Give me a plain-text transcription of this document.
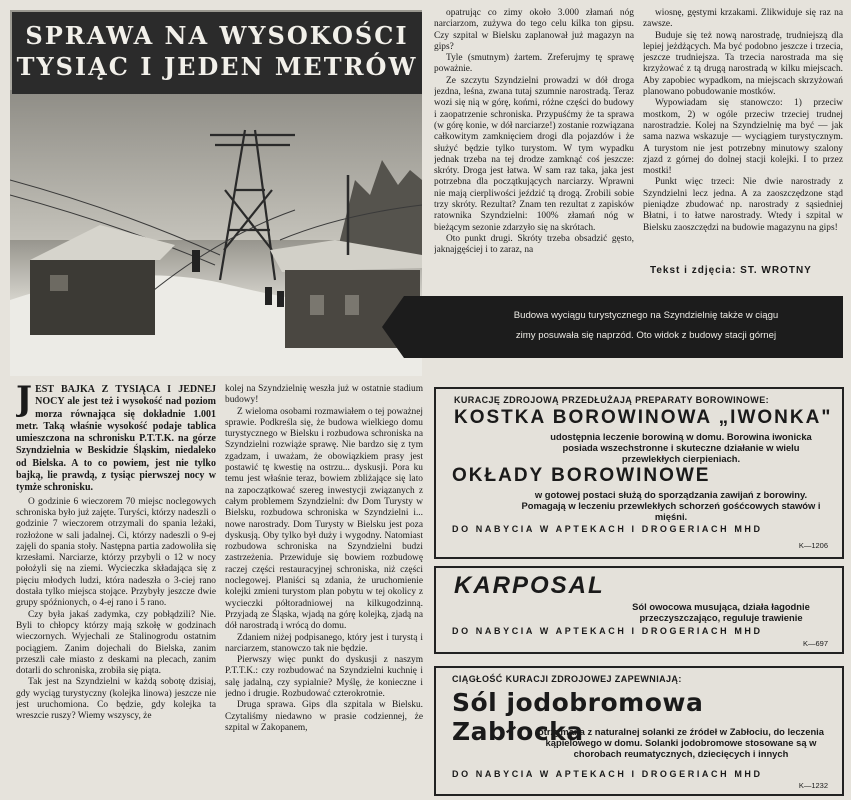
SPRAWA NA WYSOKOŚCI
TYSIĄC I JEDEN METRÓW
Budowa wyciągu turystycznego na Szyndzielnię także w ciągu
zimy posuwała się naprzód. Oto widok z budowy stacji górnej

opatrując co zimy około 3.000 złamań nóg narciarzom, zużywa do tego celu kilka ton gipsu. Czy szpital w Bielsku zaplanował już magazyn na gips?

Tyle (smutnym) żartem. Zreferujmy tę sprawę poważnie.

Ze szczytu Szyndzielni prowadzi w dół droga jezdna, leśna, zwana tutaj szumnie narostradą. Teraz wozi się nią w górę, końmi, różne części do budowy i zaopatrzenie schroniska. Przypuśćmy że ta sprawa (w górę konie, w dół narciarze!) zostanie rozwiązana całkowitym zamknięciem drogi dla pojazdów i że służyć będzie tylko turystom. W tym wypadku jednak trzeba na tej drodze zamknąć coś jeszcze: skróty. Droga jest łatwa. W sam raz taka, jaka jest potrzebna dla początkujących narciarzy. Wprawni nie mają cierpliwości jeździć tą drogą. Zrobili sobie trzy skróty. Rezultat? Znam ten rezultat z zapisków ratownika Szyndzielni: 100% złamań nóg w bieżącym sezonie zdarzyło się na skrótach.

Oto punkt drugi. Skróty trzeba obsadzić gęsto, jaknajgęściej i to zaraz, na

wiosnę, gęstymi krzakami. Zlikwiduje się raz na zawsze.

Buduje się też nową narostradę, trudniejszą dla lepiej jeżdżących. Ma być podobno jeszcze i trzecia, jeszcze trudniejsza. Ta trzecia narostrada ma się krzyżować z tą drugą narostradą w kilku miejscach. Aby zapobiec wypadkom, na miejscach skrzyżowań planowano pobudowanie mostków.

Wypowiadam się stanowczo: 1) przeciw mostkom, 2) w ogóle przeciw trzeciej trudnej narostradzie. Kolej na Szyndzielnię ma być — jak sama nazwa wskazuje — wyciągiem turystycznym. A turystom nie jest potrzebny minutowy szalony zjazd z górnej do dolnej stacji kolejki. I to przez mostki!

Punkt więc trzeci: Nie dwie narostrady z Szyndzielni lecz jedna. A za zaoszczędzone stąd pieniądze zbudować np. narostrady z sąsiedniej Błatni, i to łatwe narostrady. Wtedy i szpital w Bielsku zaoszczędzi na budowie magazynu na gips!

Tekst i zdjęcia: ST. WROTNY
J EST BAJKA Z TYSIĄCA I JEDNEJ NOCY ale jest też i wysokość nad poziom morza równająca się dokładnie 1.001 metr. Taką właśnie wysokość podaje tablica umieszczona na schronisku P.T.T.K. na górze Szyndzielnia w Beskidzie Śląskim, niedaleko od Bielska. A to co powiem, jest nie tylko bajką, lie prawdą, z tysiąc pierwszej nocy w tymże schronisku.

O godzinie 6 wieczorem 70 miejsc noclegowych schroniska było już zajęte. Turyści, którzy nadeszli o godzinie 7 wieczorem otrzymali do spania leżaki, rozłożone w sali jadalnej. Ci, którzy nadeszli o 9-ej zajęli do spania stoły. Następna partia zadowoliła się krzesłami. Narciarze, którzy przybyli o 12 w nocy położyli się na ziemi. Wycieczka składająca się z pięciu młodych ludzi, która nadeszła o 3-ciej rano dostała tylko miejsca stojące. Przybyły jeszcze dwie grupy spóźnionych, o 4-ej rano i 5 rano.

Czy była jakaś zadymka, czy pobłądzili? Nie. Byli to chłopcy którzy mają szkołę w godzinach wieczornych. Wyjechali ze Stalinogrodu ostatnim pociągiem. Zanim dojechali do Bielska, zanim przeszli całe miasto z deskami na plecach, zanim dotarli do schroniska, zrobiła się piąta.

Tak jest na Szyndzielni w każdą sobotę dzisiaj, gdy wyciąg turystyczny (kolejka linowa) jeszcze nie jest uruchomiona. Co będzie, gdy kolejka ta wreszcie ruszy? Wiemy wszyscy, że

kolej na Szyndzielnię weszła już w ostatnie stadium budowy!

Z wieloma osobami rozmawiałem o tej poważnej sprawie. Podkreśla się, że budowa wielkiego domu turystycznego w Bielsku i rozbudowa schroniska na Szyndzielni rozwiąże sprawę. Nie bardzo się z tym zgadzam, i uważam, że obowiązkiem prasy jest postawić tę kwestię na ostrzu... dyskusji. Pora ku temu jest właśnie teraz, bowiem zbliżające się lato na zapoczątkować szereg inwestycji związanych z całym problemem Szyndzielni: dw Dom Turysty w Bielsku, rozbudowa schroniska w Szyndzielni i... nowe narostrady. Dom Turysty w Bielsku jest poza dyskusją. Oby tylko był duży i wygodny. Natomiast rozbudowa schroniska na Szyndzielni budzi zastrzeżenia. Przewiduje się bowiem rozbudowę raczej części restauracyjnej schroniska, niż części noclegowej. Planiści są zdania, że uruchomienie kolejki zmieni turystom plan pobytu w tej okolicy z wycieczki półtoradniowej na kilkugodzinną. Przyjadą ze Śląska, wjadą na górę kolejką, zjadą na dół narostradą i wrócą do domu.

Zdaniem niżej podpisanego, który jest i turystą i narciarzem, stanowczo tak nie będzie.

Pierwszy więc punkt do dyskusji z naszym P.T.T.K.: czy rozbudować na Szyndzielni kuchnię i salę jadalną, czy sypialnie? Myślę, że konieczne i jedno i drugie. Rozbudować czterokrotnie.

Druga sprawa. Gips dla szpitala w Bielsku. Czytaliśmy niedawno w prasie codziennej, że szpital w Zakopanem,

KURACJĘ ZDROJOWĄ PRZEDŁUŻAJĄ PREPARATY BOROWINOWE:
KOSTKA BOROWINOWA „IWONKA"
udostępnia leczenie borowiną w domu. Borowina iwonicka posiada wszechstronne i skuteczne działanie w wielu przewlekłych cierpieniach.
OKŁADY BOROWINOWE
w gotowej postaci służą do sporządzania zawijań z borowiny. Pomagają w leczeniu przewlekłych schorzeń gośćcowych stawów i mięśni.
DO NABYCIA W APTEKACH I DROGERIACH MHD
K—1206
KARPOSAL
Sól owocowa musująca, działa łagodnie przeczyszczająco, reguluje trawienie
DO NABYCIA W APTEKACH I DROGERIACH MHD
K—697
CIĄGŁOŚĆ KURACJI ZDROJOWEJ ZAPEWNIAJĄ:
Sól jodobromowa Zabłocka
otrzymana z naturalnej solanki ze źródeł w Zabłociu, do leczenia kąpielowego w domu. Solanki jodobromowe stosowane są w chorobach reumatycznych, dziecięcych i innych
DO NABYCIA W APTEKACH I DROGERIACH MHD
K—1232
